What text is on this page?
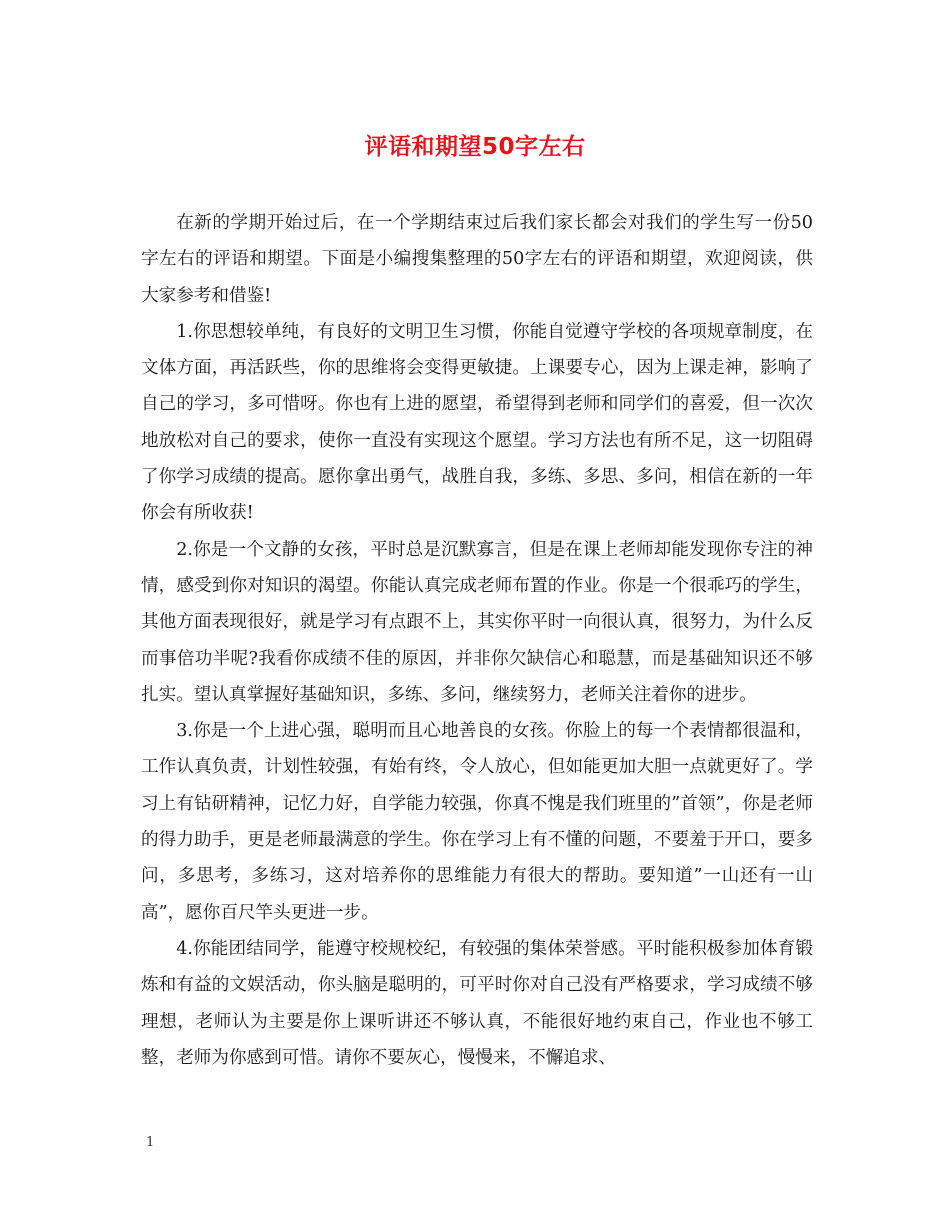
评语和期望50字左右

在新的学期开始过后，在一个学期结束过后我们家长都会对我们的学生写一份50字左右的评语和期望。下面是小编搜集整理的50字左右的评语和期望，欢迎阅读，供大家参考和借鉴!

1.你思想较单纯，有良好的文明卫生习惯，你能自觉遵守学校的各项规章制度，在文体方面，再活跃些，你的思维将会变得更敏捷。上课要专心，因为上课走神，影响了自己的学习，多可惜呀。你也有上进的愿望，希望得到老师和同学们的喜爱，但一次次地放松对自己的要求，使你一直没有实现这个愿望。学习方法也有所不足，这一切阻碍了你学习成绩的提高。愿你拿出勇气，战胜自我，多练、多思、多问，相信在新的一年你会有所收获!

2.你是一个文静的女孩，平时总是沉默寡言，但是在课上老师却能发现你专注的神情，感受到你对知识的渴望。你能认真完成老师布置的作业。你是一个很乖巧的学生，其他方面表现很好，就是学习有点跟不上，其实你平时一向很认真，很努力，为什么反而事倍功半呢?我看你成绩不佳的原因，并非你欠缺信心和聪慧，而是基础知识还不够扎实。望认真掌握好基础知识，多练、多问，继续努力，老师关注着你的进步。

3.你是一个上进心强，聪明而且心地善良的女孩。你脸上的每一个表情都很温和，工作认真负责，计划性较强，有始有终，令人放心，但如能更加大胆一点就更好了。学习上有钻研精神，记忆力好，自学能力较强，你真不愧是我们班里的”首领”，你是老师的得力助手，更是老师最满意的学生。你在学习上有不懂的问题，不要羞于开口，要多问，多思考，多练习，这对培养你的思维能力有很大的帮助。要知道”一山还有一山高”，愿你百尺竿头更进一步。

4.你能团结同学，能遵守校规校纪，有较强的集体荣誉感。平时能积极参加体育锻炼和有益的文娱活动，你头脑是聪明的，可平时你对自己没有严格要求，学习成绩不够理想，老师认为主要是你上课听讲还不够认真，不能很好地约束自己，作业也不够工整，老师为你感到可惜。请你不要灰心，慢慢来，不懈追求、

1
